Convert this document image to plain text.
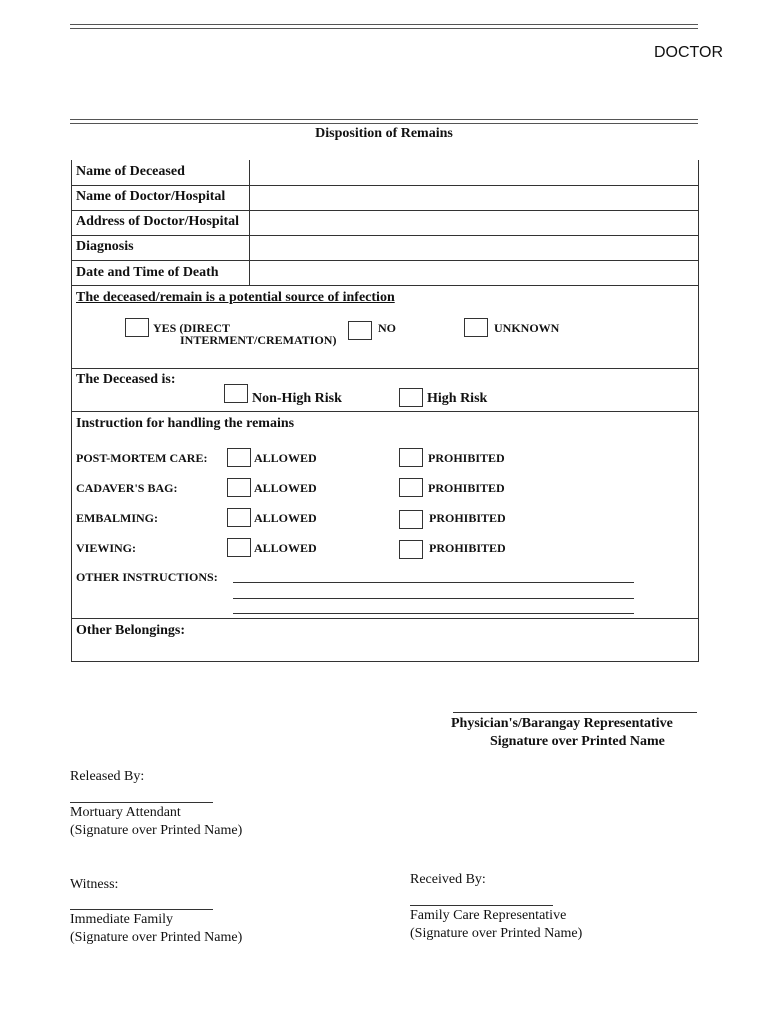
DOCTOR
Disposition of Remains
Name of Deceased
Name of Doctor/Hospital
Address of Doctor/Hospital
Diagnosis
Date and Time of Death
The deceased/remain is a potential source of infection
YES (DIRECT
INTERMENT/CREMATION)
NO	UNKNOWN
The Deceased is:
Non-High Risk	High Risk
Instruction for handling the remains
POST-MORTEM CARE:	ALLOWED	PROHIBITED
CADAVER'S BAG:	ALLOWED	PROHIBITED
EMBALMING:	ALLOWED	PROHIBITED
VIEWING:	ALLOWED	PROHIBITED
OTHER INSTRUCTIONS:
Other Belongings:
Physician's/Barangay Representative
Signature over Printed Name
Released By:
Mortuary Attendant
(Signature over Printed Name)
Witness:
Immediate Family
(Signature over Printed Name)
Received By:
Family Care Representative
(Signature over Printed Name)
